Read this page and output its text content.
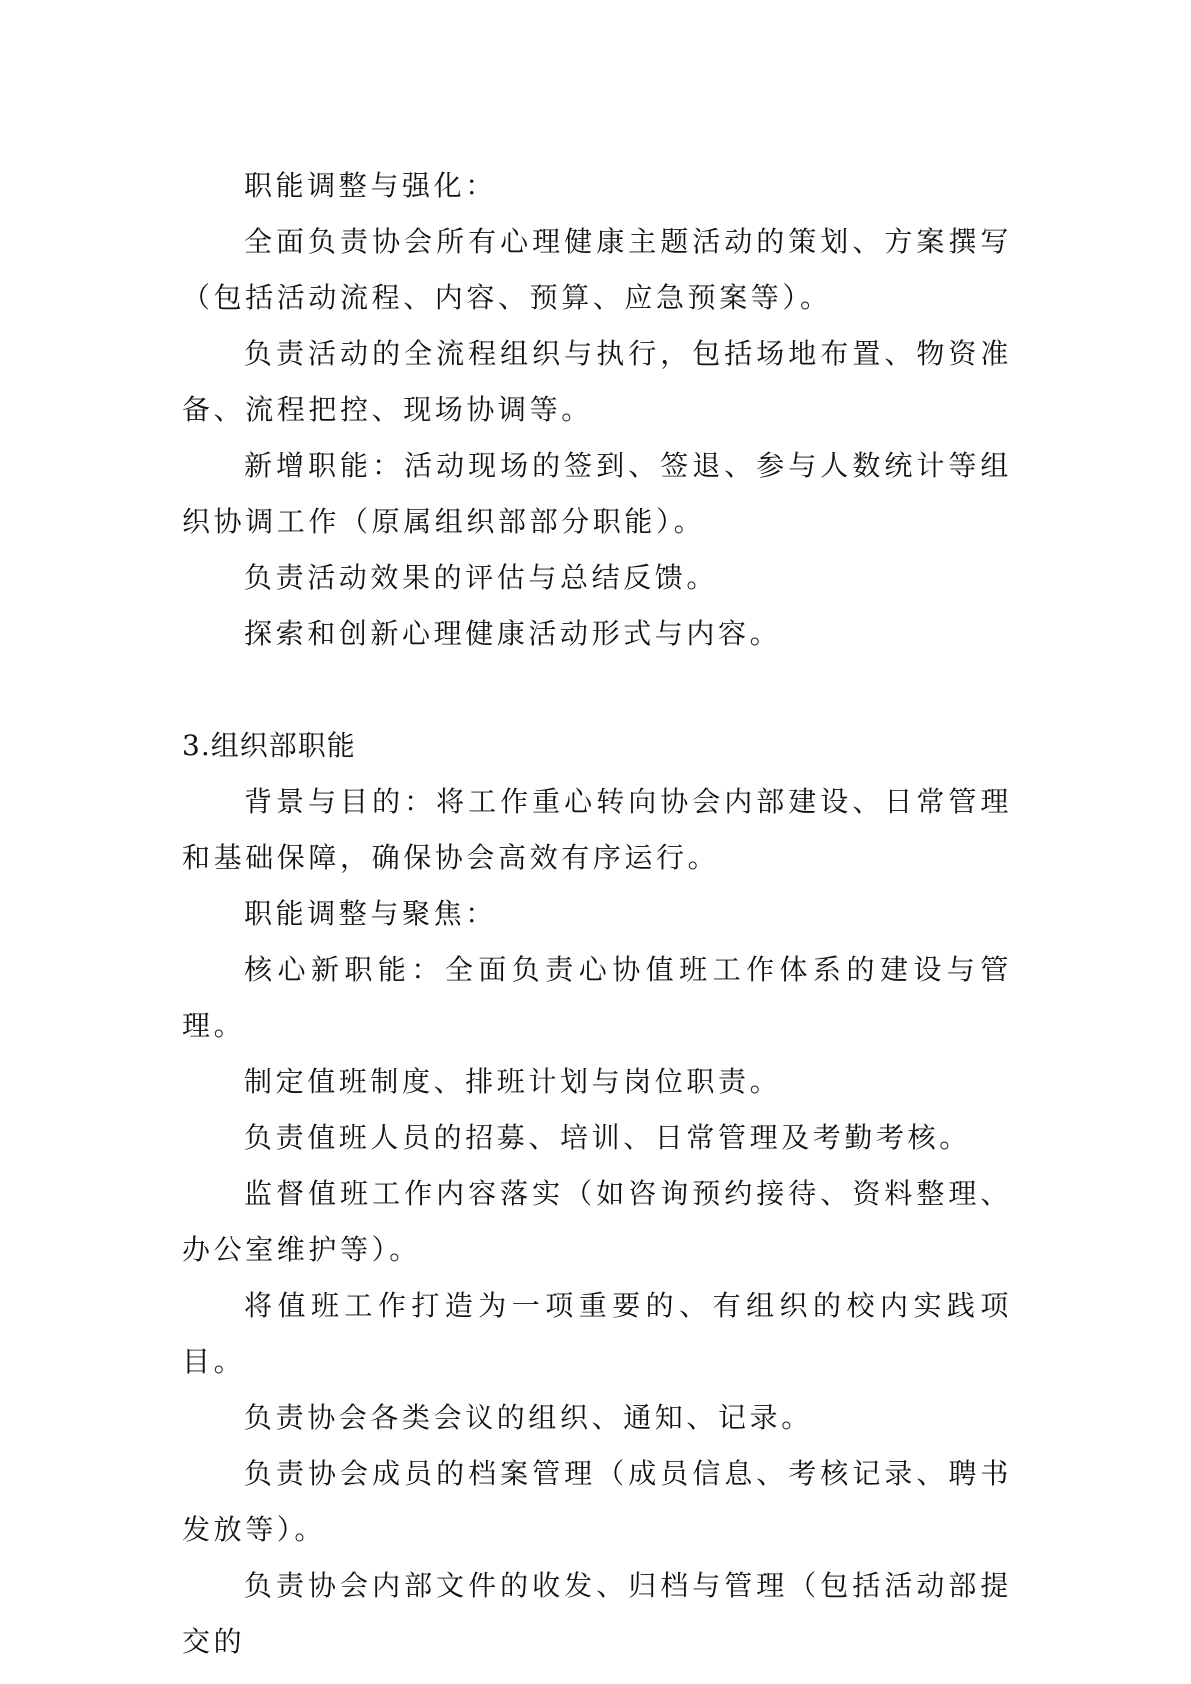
职能调整与强化：

全面负责协会所有心理健康主题活动的策划、方案撰写（包括活动流程、内容、预算、应急预案等）。

负责活动的全流程组织与执行，包括场地布置、物资准备、流程把控、现场协调等。

新增职能：活动现场的签到、签退、参与人数统计等组织协调工作（原属组织部部分职能）。

负责活动效果的评估与总结反馈。

探索和创新心理健康活动形式与内容。

3.组织部职能

背景与目的：将工作重心转向协会内部建设、日常管理和基础保障，确保协会高效有序运行。

职能调整与聚焦：

核心新职能：全面负责心协值班工作体系的建设与管理。

制定值班制度、排班计划与岗位职责。

负责值班人员的招募、培训、日常管理及考勤考核。

监督值班工作内容落实（如咨询预约接待、资料整理、办公室维护等）。

将值班工作打造为一项重要的、有组织的校内实践项目。

负责协会各类会议的组织、通知、记录。

负责协会成员的档案管理（成员信息、考核记录、聘书发放等）。

负责协会内部文件的收发、归档与管理（包括活动部提交的
